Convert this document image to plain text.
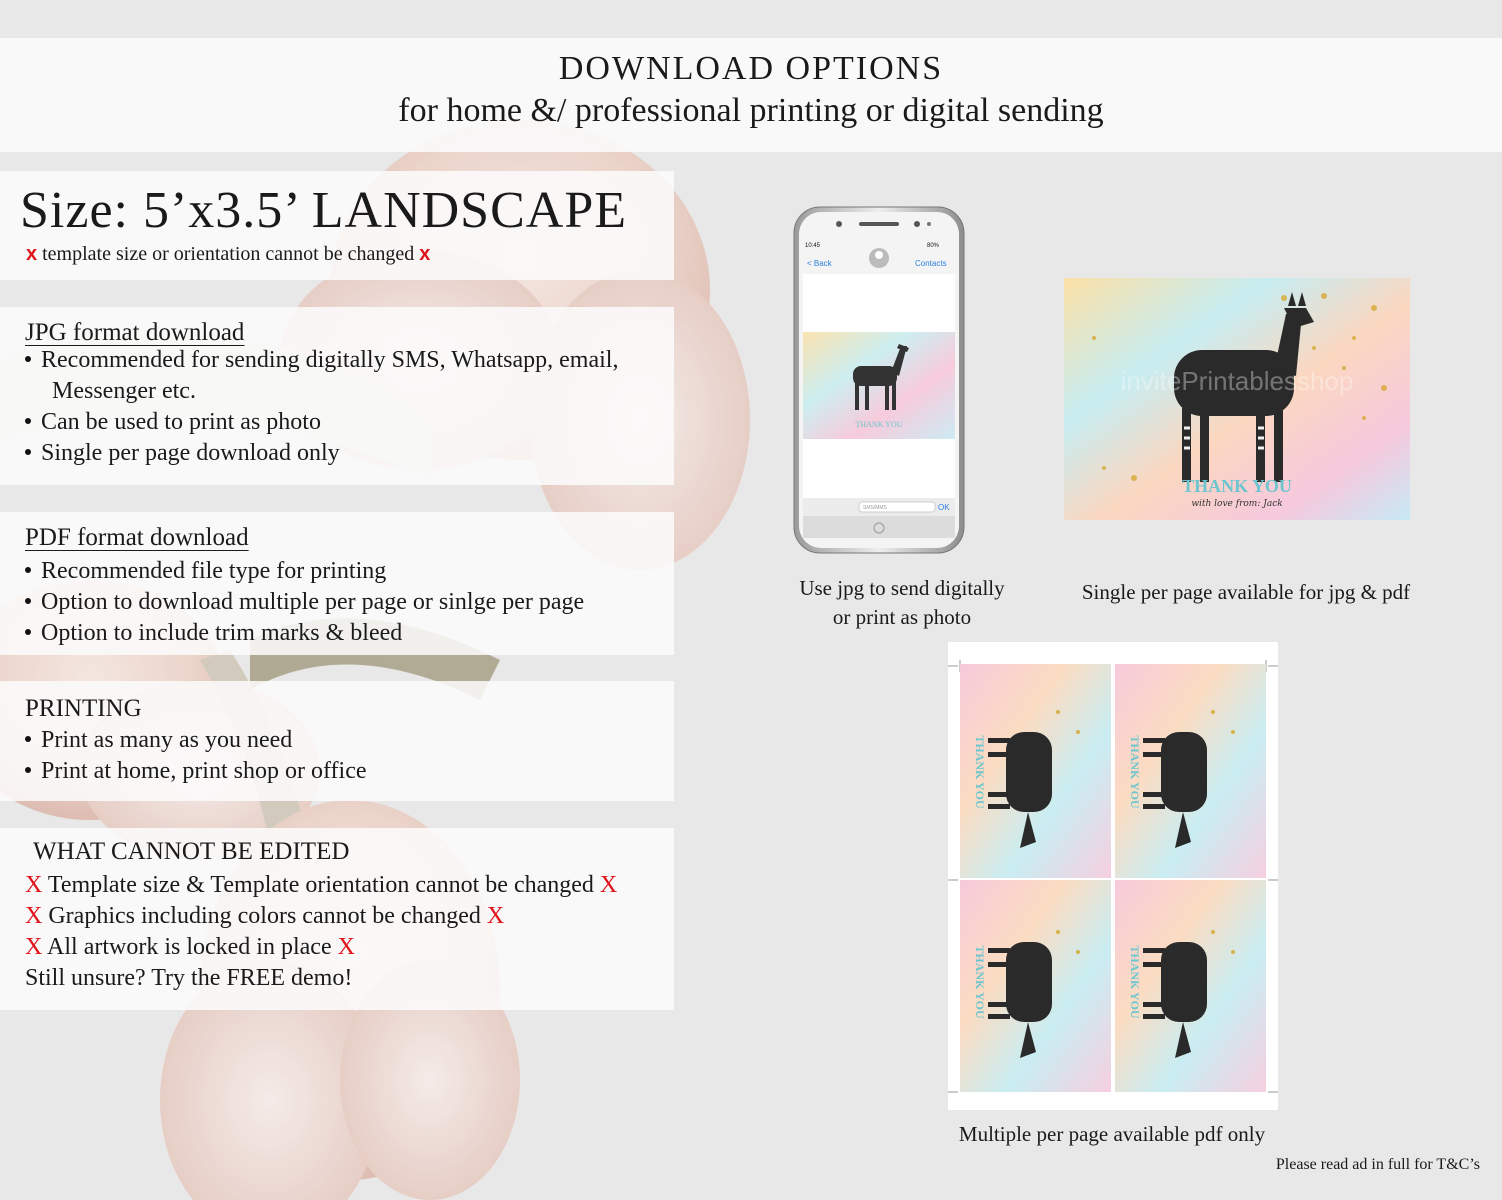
DOWNLOAD OPTIONS
for home &/ professional printing or digital sending
Size: 5’x3.5’ LANDSCAPE
x template size or orientation cannot be changed x
JPG format download
Recommended for sending digitally SMS, Whatsapp, email,
Messenger etc.
Can be used to print as photo
Single per page download only
PDF format download
Recommended file type for printing
Option to download multiple per page or sinlge per page
Option to include trim marks & bleed
PRINTING
Print as many as you need
Print at home, print shop or office
WHAT CANNOT BE EDITED
X Template size & Template orientation cannot be changed X
X Graphics including colors cannot be changed X
X All artwork is locked in place X
Still unsure? Try the FREE demo!
10:45	80%
< Back	Contacts
THANK YOU
SMS/MMS	OK
invitePrintablesshop
THANK YOU
with love from: Jack
Use jpg to send digitally
or print as photo
Single per page available for jpg & pdf
THANK YOU	THANK YOU
THANK YOU	THANK YOU
Multiple per page available pdf only
Please read ad in full for T&C’s
